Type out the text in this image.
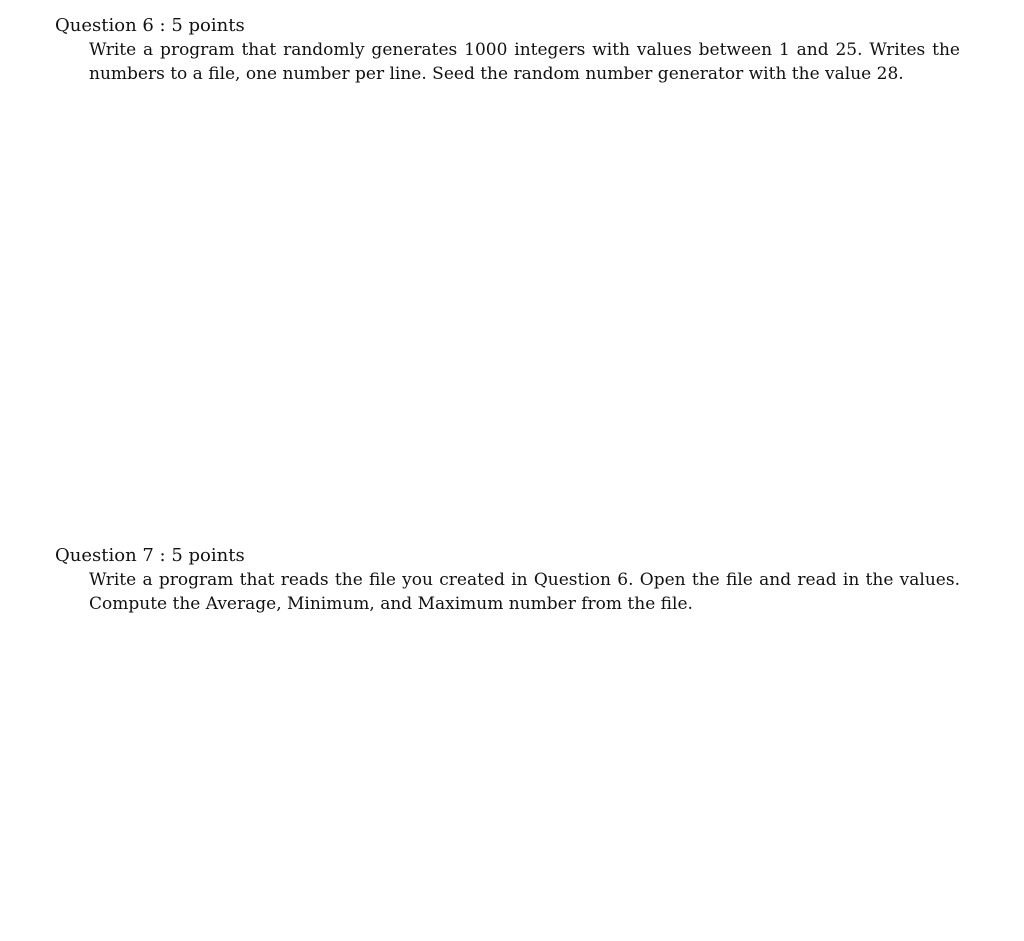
Question 6 : 5 points

Write a program that randomly generates 1000 integers with values between 1 and 25. Writes the
numbers to a file, one number per line. Seed the random number generator with the value 28.

Question 7 : 5 points

Write a program that reads the file you created in Question 6. Open the file and read in the values.
Compute the Average, Minimum, and Maximum number from the file.
